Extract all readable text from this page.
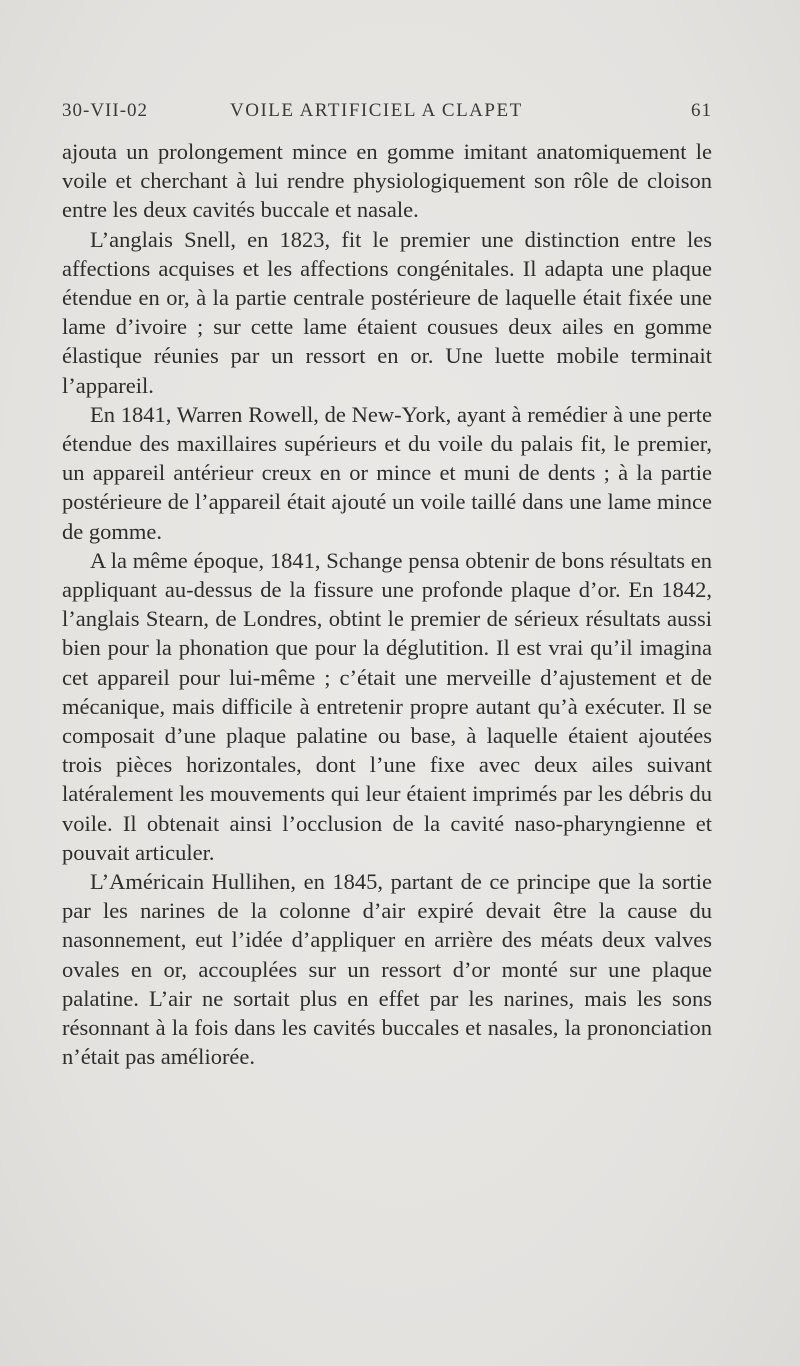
30-VII-02	VOILE ARTIFICIEL A CLAPET	61

ajouta un prolongement mince en gomme imitant anatomiquement le voile et cherchant à lui rendre physiologiquement son rôle de cloison entre les deux cavités buccale et nasale.

L’anglais Snell, en 1823, fit le premier une distinction entre les affections acquises et les affections congénitales. Il adapta une plaque étendue en or, à la partie centrale postérieure de laquelle était fixée une lame d’ivoire ; sur cette lame étaient cousues deux ailes en gomme élastique réunies par un ressort en or. Une luette mobile terminait l’appareil.

En 1841, Warren Rowell, de New-York, ayant à remédier à une perte étendue des maxillaires supérieurs et du voile du palais fit, le premier, un appareil antérieur creux en or mince et muni de dents ; à la partie postérieure de l’appareil était ajouté un voile taillé dans une lame mince de gomme.

A la même époque, 1841, Schange pensa obtenir de bons résultats en appliquant au-dessus de la fissure une profonde plaque d’or. En 1842, l’anglais Stearn, de Londres, obtint le premier de sérieux résultats aussi bien pour la phonation que pour la déglutition. Il est vrai qu’il imagina cet appareil pour lui-même ; c’était une merveille d’ajustement et de mécanique, mais difficile à entretenir propre autant qu’à exécuter. Il se composait d’une plaque palatine ou base, à laquelle étaient ajoutées trois pièces horizontales, dont l’une fixe avec deux ailes suivant latéralement les mouvements qui leur étaient imprimés par les débris du voile. Il obtenait ainsi l’occlusion de la cavité naso-pharyngienne et pouvait articuler.

L’Américain Hullihen, en 1845, partant de ce principe que la sortie par les narines de la colonne d’air expiré devait être la cause du nasonnement, eut l’idée d’appliquer en arrière des méats deux valves ovales en or, accouplées sur un ressort d’or monté sur une plaque palatine. L’air ne sortait plus en effet par les narines, mais les sons résonnant à la fois dans les cavités buccales et nasales, la prononciation n’était pas améliorée.
